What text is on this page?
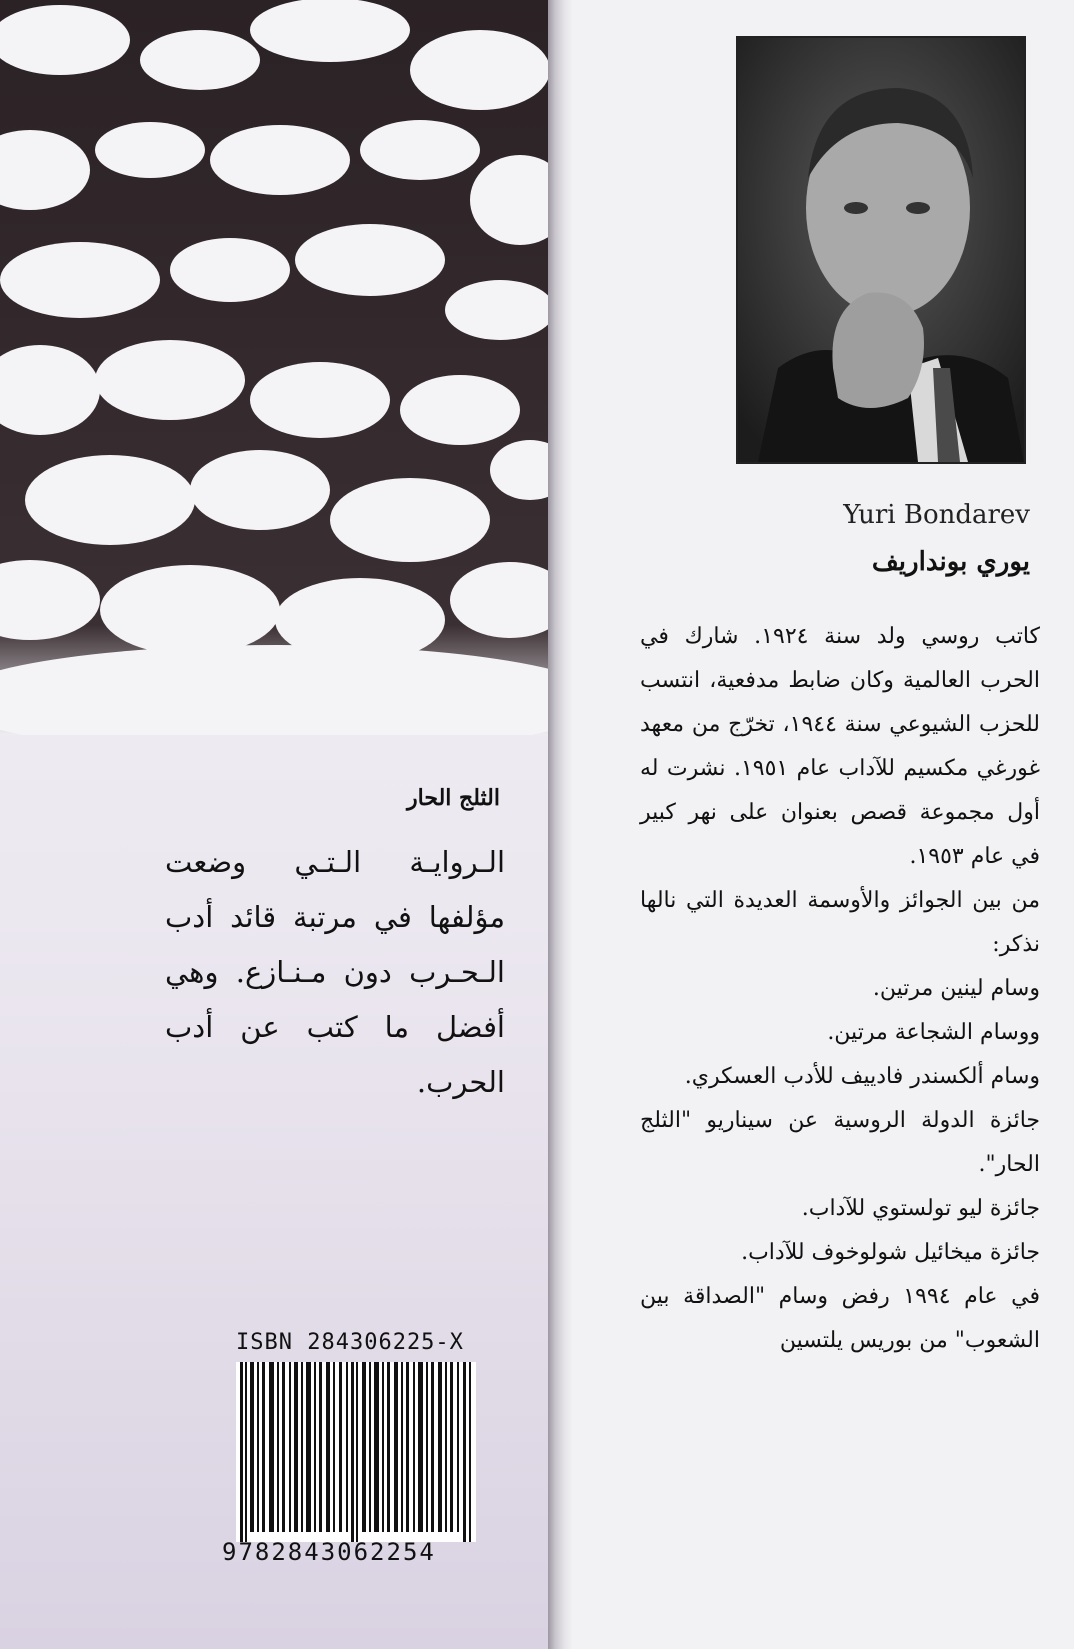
الثلج الحار
الـروايـة الـتـي وضعت مؤلفها في مرتبة قائد أدب الـحـرب دون مـنـازع. وهي أفضل ما كتب عن أدب الحرب.
ISBN 284306225-X
9782843062254
Yuri Bondarev
يوري بونداريف

كاتب روسي ولد سنة ١٩٢٤. شارك في الحرب العالمية وكان ضابط مدفعية، انتسب للحزب الشيوعي سنة ١٩٤٤، تخرّج من معهد غورغي مكسيم للآداب عام ١٩٥١. نشرت له أول مجموعة قصص بعنوان على نهر كبير في عام ١٩٥٣.

من بين الجوائز والأوسمة العديدة التي نالها نذكر:

وسام لينين مرتين.

ووسام الشجاعة مرتين.

وسام ألكسندر فادييف للأدب العسكري.

جائزة الدولة الروسية عن سيناريو "الثلج الحار".

جائزة ليو تولستوي للآداب.

جائزة ميخائيل شولوخوف للآداب.

في عام ١٩٩٤ رفض وسام "الصداقة بين الشعوب" من بوريس يلتسين
